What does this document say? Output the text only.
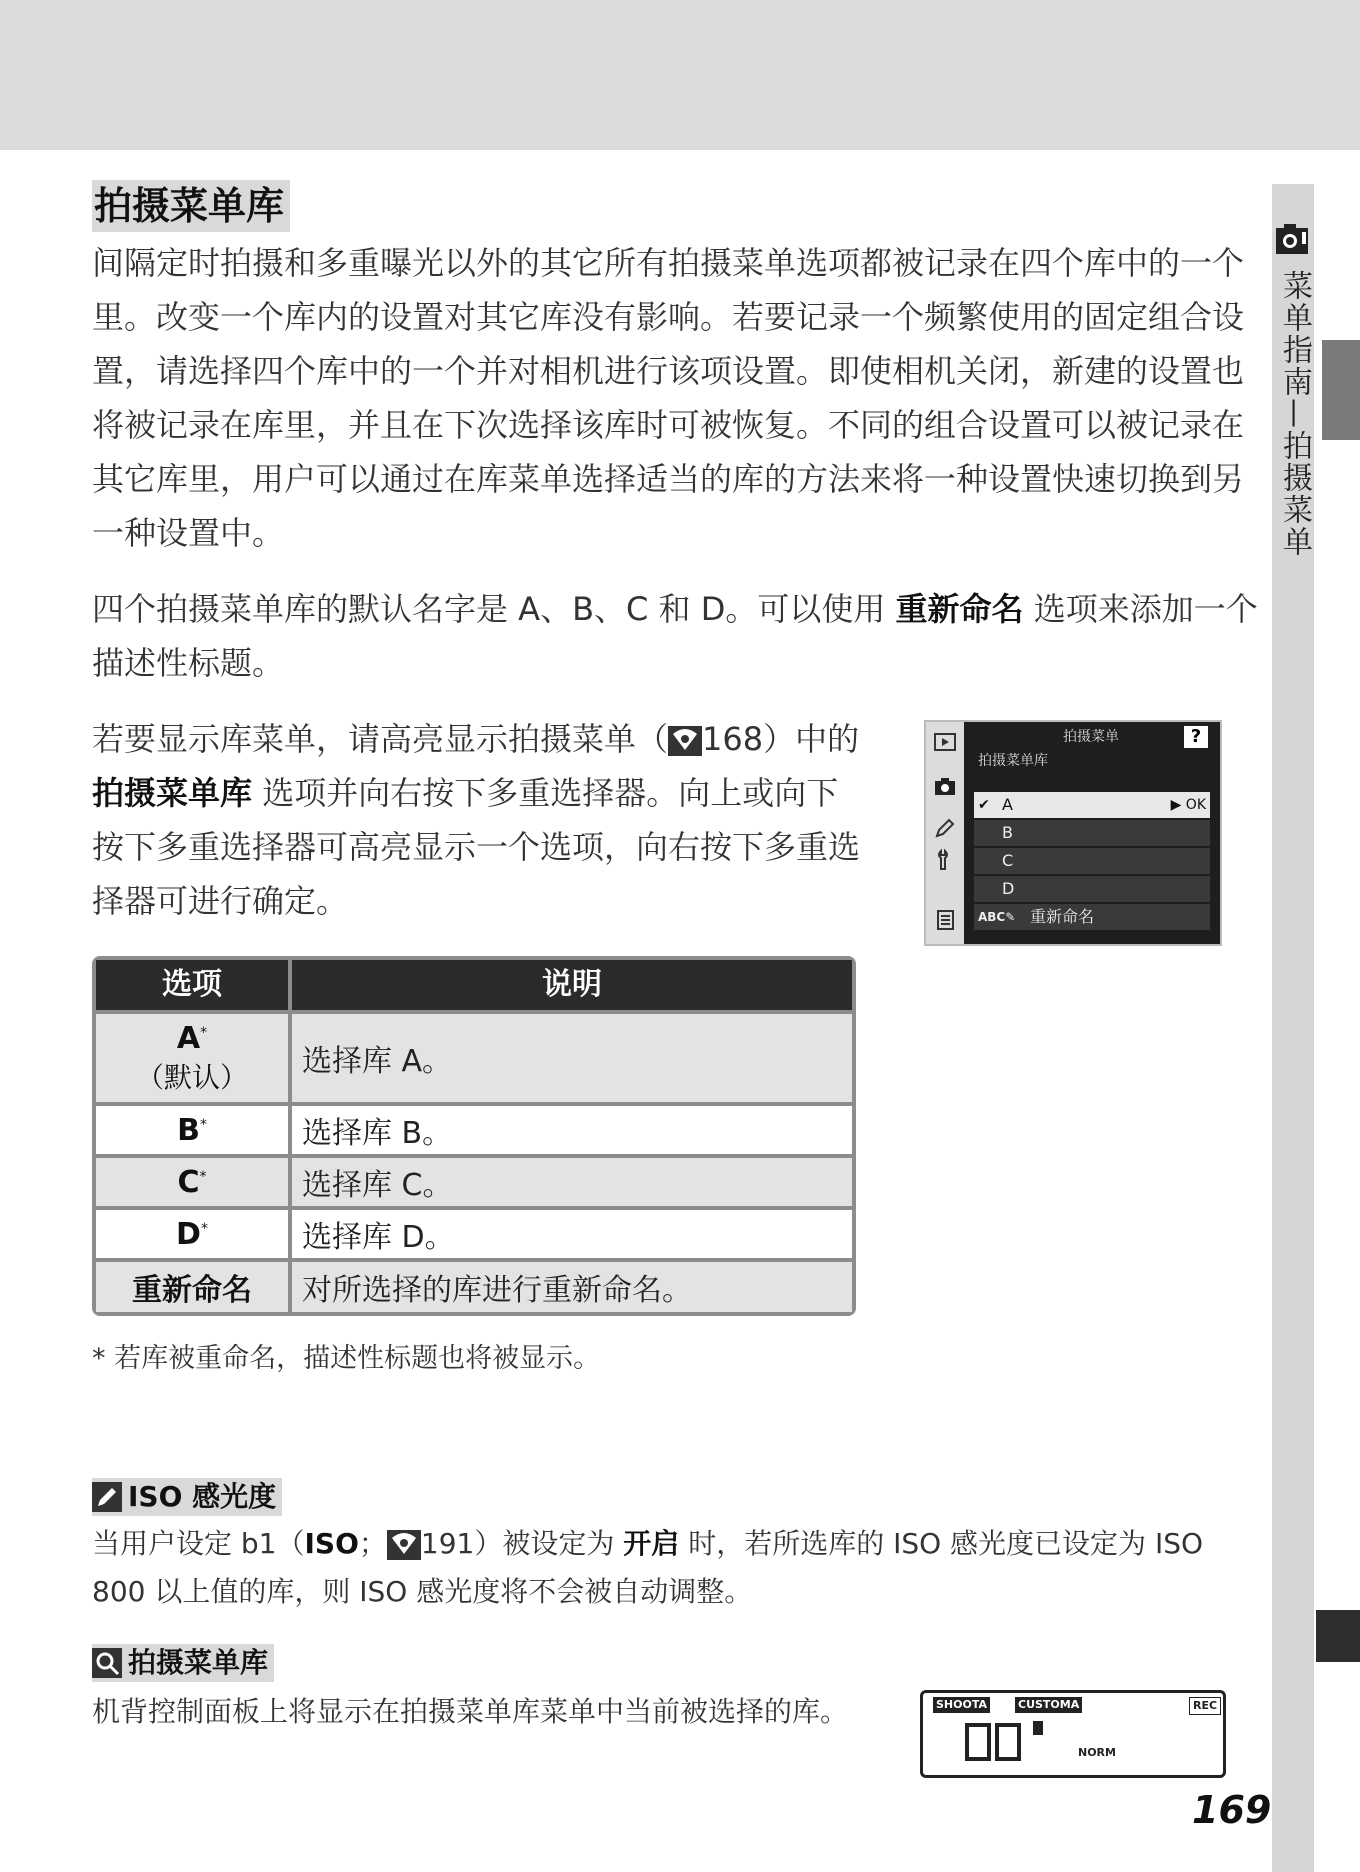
菜单指南—拍摄菜单
拍摄菜单库

间隔定时拍摄和多重曝光以外的其它所有拍摄菜单选项都被记录在四个库中的一个里。改变一个库内的设置对其它库没有影响。若要记录一个频繁使用的固定组合设置，请选择四个库中的一个并对相机进行该项设置。即使相机关闭，新建的设置也将被记录在库里，并且在下次选择该库时可被恢复。不同的组合设置可以被记录在其它库里，用户可以通过在库菜单选择适当的库的方法来将一种设置快速切换到另一种设置中。

四个拍摄菜单库的默认名字是 A、B、C 和 D。可以使用 重新命名 选项来添加一个描述性标题。

若要显示库菜单，请高亮显示拍摄菜单（ 168）中的 拍摄菜单库 选项并向右按下多重选择器。向上或向下按下多重选择器可高亮显示一个选项，向右按下多重选择器可进行确定。

拍摄菜单	?
拍摄菜单库
✔ A	▶ OK
B
C
D
ABC✎ 重新命名
选项	说明
A*
（默认）	选择库 A。
B*	选择库 B。
C*	选择库 C。
D*	选择库 D。
重新命名	对所选择的库进行重新命名。
* 若库被重命名，描述性标题也将被显示。
ISO 感光度

当用户设定 b1（ISO； 191）被设定为 开启 时，若所选库的 ISO 感光度已设定为 ISO 800 以上值的库，则 ISO 感光度将不会被自动调整。

拍摄菜单库

机背控制面板上将显示在拍摄菜单库菜单中当前被选择的库。	SHOOTA	CUSTOMA	REC
NORM
169
